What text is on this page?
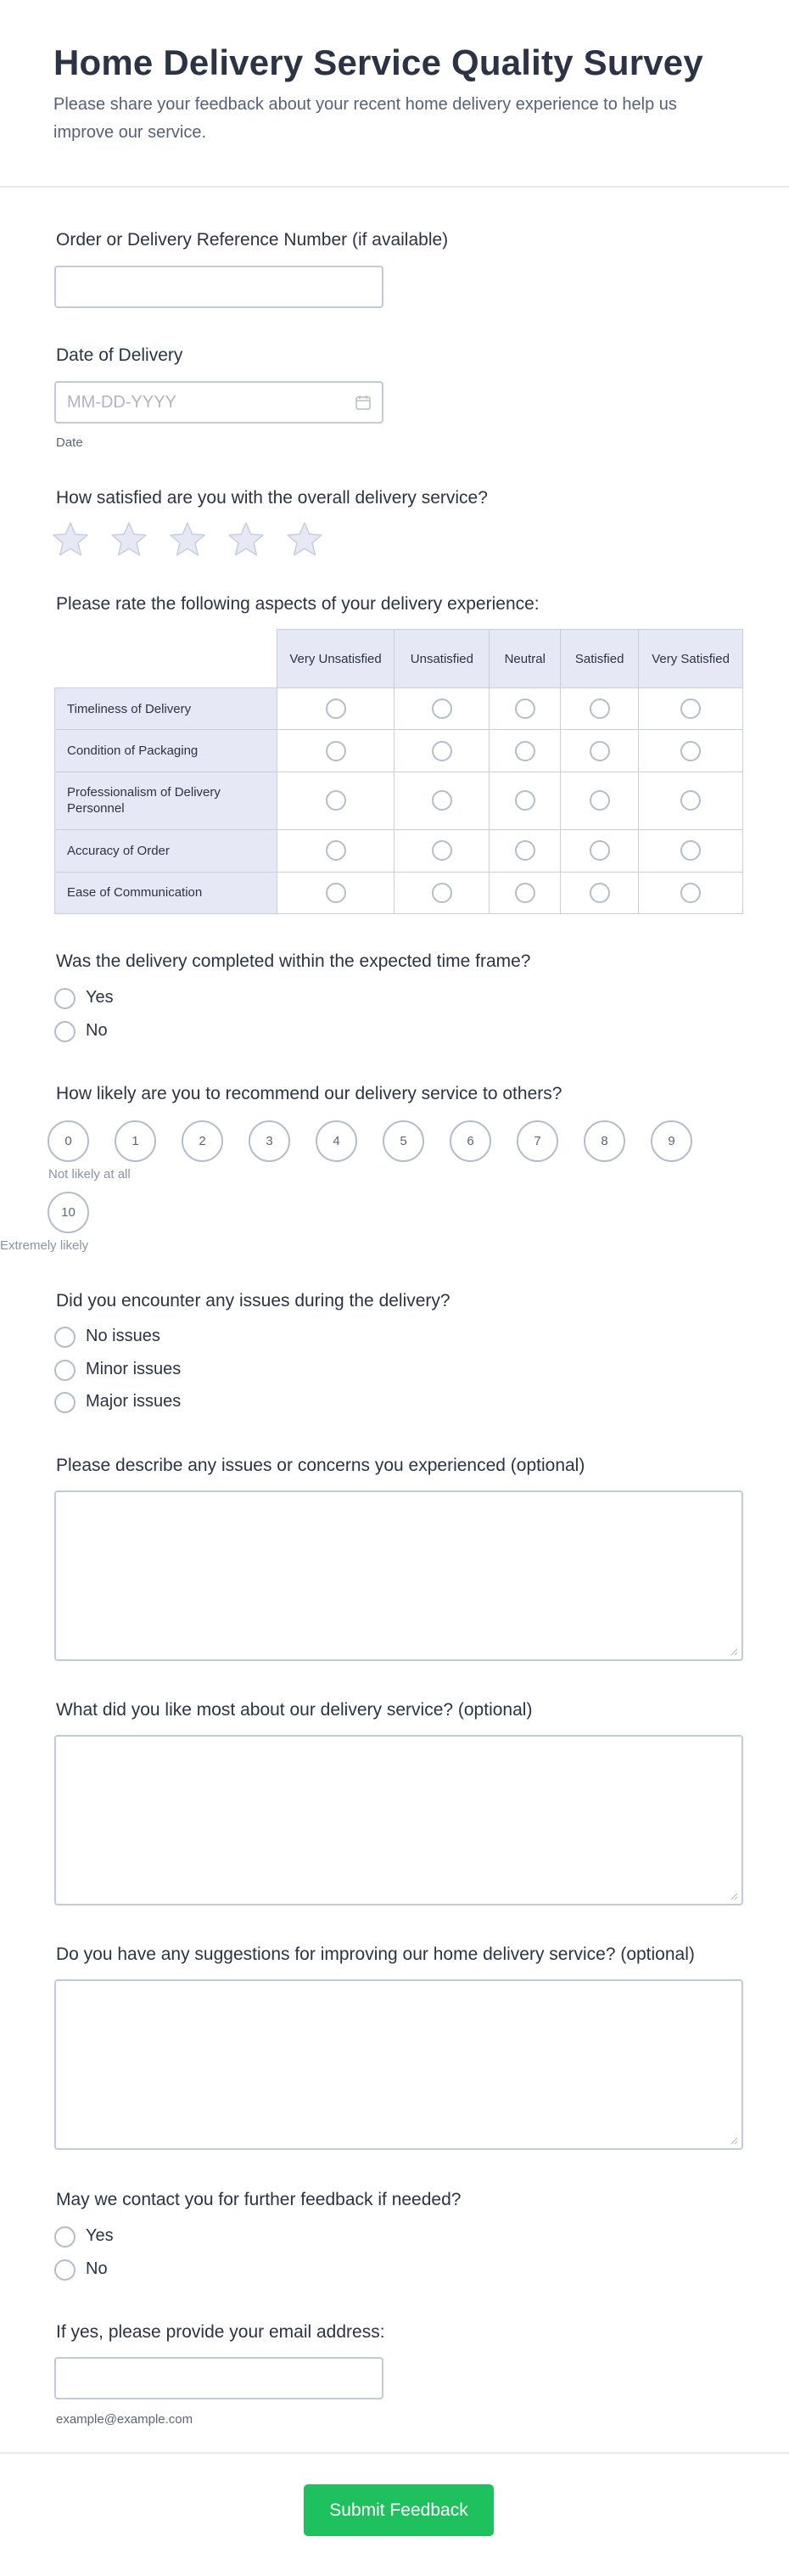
Home Delivery Service Quality Survey
Please share your feedback about your recent home delivery experience to help us improve our service.
Order or Delivery Reference Number (if available)
Date of Delivery
MM-DD-YYYY
Date
How satisfied are you with the overall delivery service?
Please rate the following aspects of your delivery experience:
	Very Unsatisfied	Unsatisfied	Neutral	Satisfied	Very Satisfied
Timeliness of Delivery					
Condition of Packaging					
Professionalism of Delivery Personnel					
Accuracy of Order					
Ease of Communication					
Was the delivery completed within the expected time frame?
Yes
No
How likely are you to recommend our delivery service to others?
0	1	2	3	4	5	6	7	8	9
10
Not likely at all
Extremely likely
Did you encounter any issues during the delivery?
No issues
Minor issues
Major issues
Please describe any issues or concerns you experienced (optional)
What did you like most about our delivery service? (optional)
Do you have any suggestions for improving our home delivery service? (optional)
May we contact you for further feedback if needed?
Yes
No
If yes, please provide your email address:
example@example.com
Submit Feedback
